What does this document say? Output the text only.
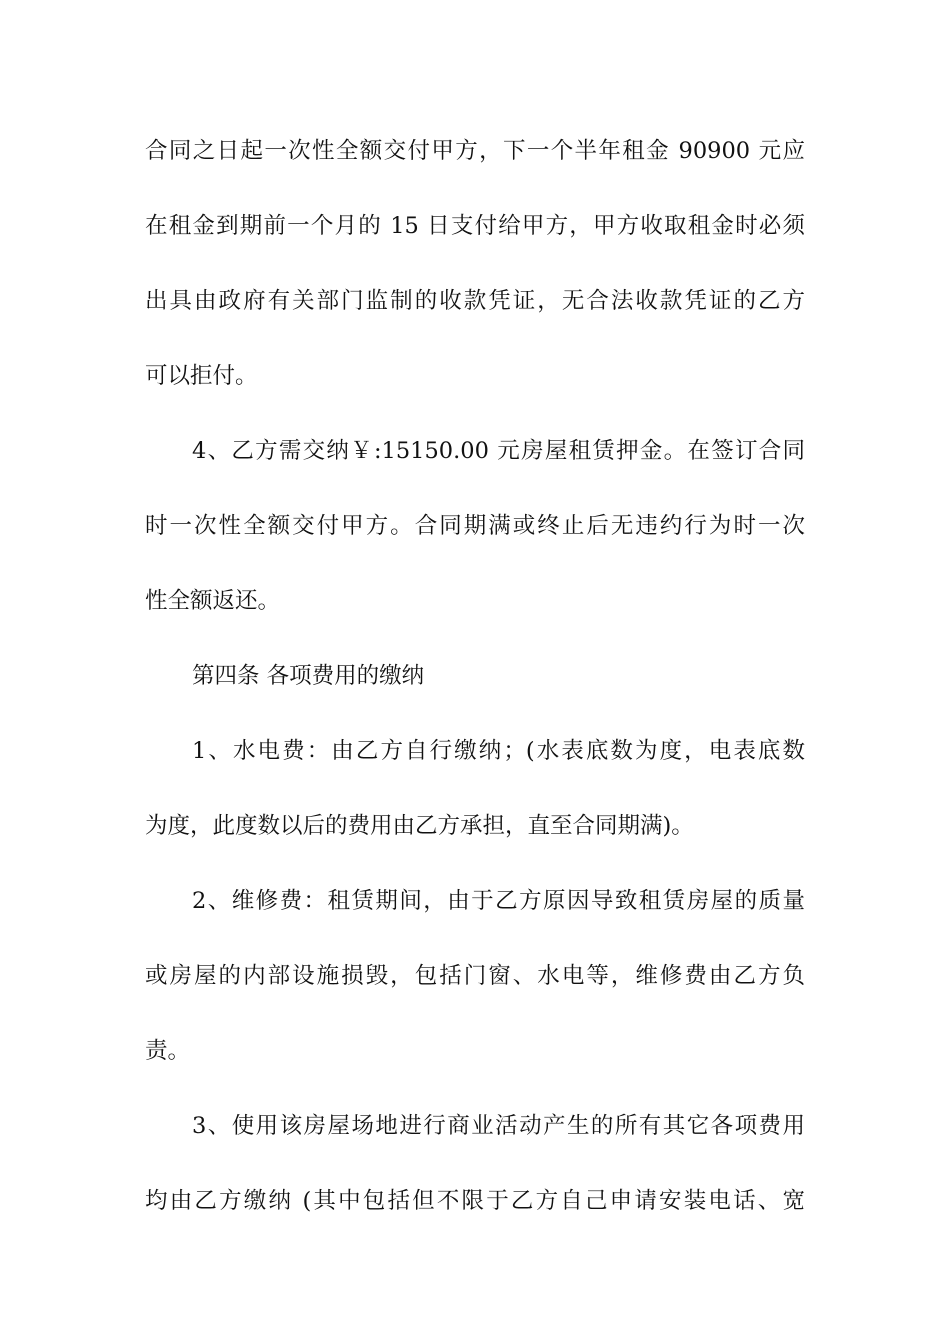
合同之日起一次性全额交付甲方，下一个半年租金 90900 元应
在租金到期前一个月的 15 日支付给甲方，甲方收取租金时必须
出具由政府有关部门监制的收款凭证，无合法收款凭证的乙方
可以拒付。
4、乙方需交纳￥:15150.00 元房屋租赁押金。在签订合同
时一次性全额交付甲方。合同期满或终止后无违约行为时一次
性全额返还。
第四条 各项费用的缴纳
1、水电费：由乙方自行缴纳；(水表底数为度，电表底数
为度，此度数以后的费用由乙方承担，直至合同期满)。
2、维修费：租赁期间，由于乙方原因导致租赁房屋的质量
或房屋的内部设施损毁，包括门窗、水电等，维修费由乙方负
责。
3、使用该房屋场地进行商业活动产生的所有其它各项费用
均由乙方缴纳 (其中包括但不限于乙方自己申请安装电话、宽
